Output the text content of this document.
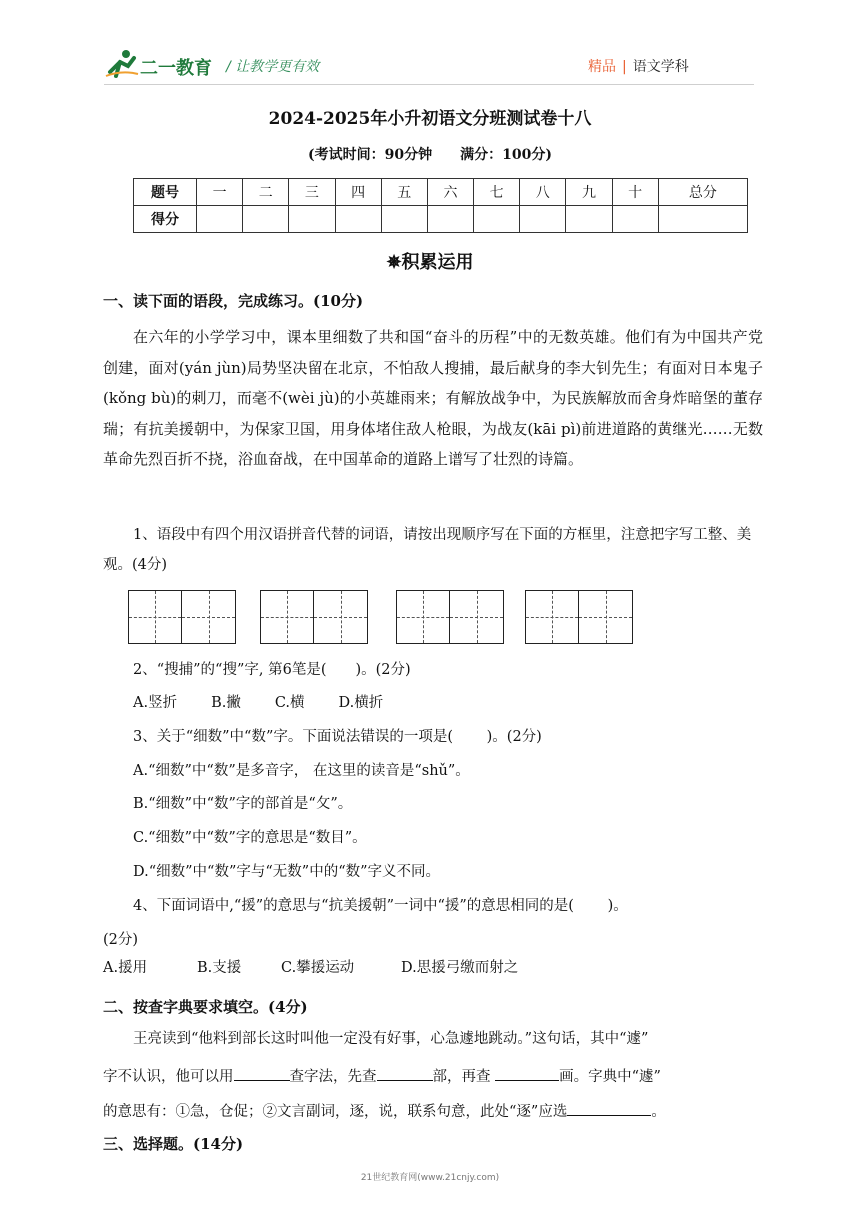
二一教育 / 让教学更有效	精品 | 语文学科
2024-2025年小升初语文分班测试卷十八
(考试时间：90分钟　　满分：100分)
题号	一	二	三	四	五	六	七	八	九	十	总分
得分											
✵积累运用
一、读下面的语段，完成练习。(10分)
在六年的小学学习中，课本里细数了共和国“奋斗的历程”中的无数英雄。他们有为中国共产党创建，面对(yán jùn)局势坚决留在北京，不怕敌人搜捕，最后献身的李大钊先生；有面对日本鬼子(kǒng bù)的刺刀，而毫不(wèi jù)的小英雄雨来；有解放战争中，为民族解放而舍身炸暗堡的董存瑞；有抗美援朝中，为保家卫国，用身体堵住敌人枪眼，为战友(kāi pì)前进道路的黄继光……无数革命先烈百折不挠，浴血奋战，在中国革命的道路上谱写了壮烈的诗篇。
1、语段中有四个用汉语拼音代替的词语，请按出现顺序写在下面的方框里，注意把字写工整、美观。(4分)
2、“搜捕”的“搜”字, 第6笔是(　　)。(2分)
A.竖折 B.撇 C.横 D.横折
3、关于“细数”中“数”字。下面说法错误的一项是(　　 )。(2分)
A.“细数”中“数”是多音字， 在这里的读音是“shǔ”。
B.“细数”中“数”字的部首是“攵”。
C.“细数”中“数”字的意思是“数目”。
D.“细数”中“数”字与“无数”中的“数”字义不同。
4、下面词语中,“援”的意思与“抗美援朝”一词中“援”的意思相同的是(　　 )。
(2分)
A.援用	B.支援	C.攀援运动	D.思援弓缴而射之
二、按查字典要求填空。(4分)
王亮读到“他料到部长这时叫他一定没有好事，心急遽地跳动。”这句话，其中“遽”
字不认识，他可以用	查字法，先查	部，再查	画。字典中“遽”
的意思有：①急，仓促；②文言副词，逐，说，联系句意，此处“逐”应选	。
三、选择题。(14分)
21世纪教育网(www.21cnjy.com)
